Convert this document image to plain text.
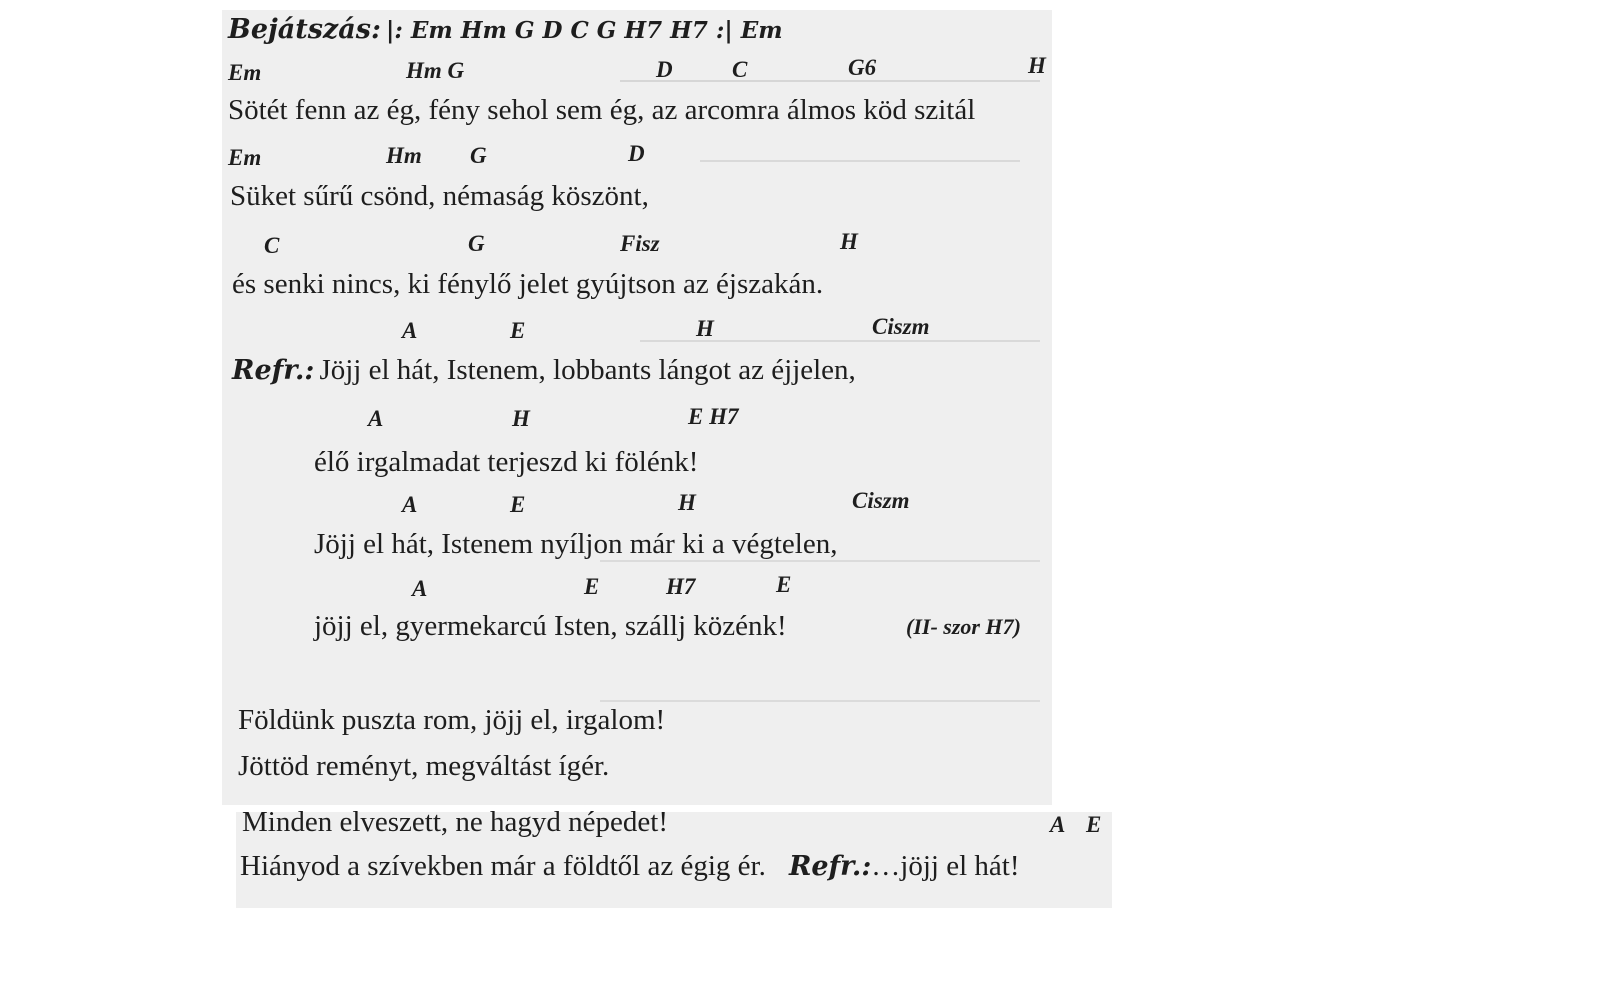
Bejátszás: |: Em Hm G D C G H7 H7 :| Em
Em	Hm G	D	C	G6	H
Sötét fenn az ég, fény sehol sem ég, az arcomra álmos köd szitál
Em	Hm G	D
Süket sűrű csönd, némaság köszönt,
C	G	Fisz	H
és senki nincs, ki fénylő jelet gyújtson az éjszakán.
A	E	H	Ciszm
Refr.: Jöjj el hát, Istenem, lobbants lángot az éjjelen,
A	H	E H7
élő irgalmadat terjeszd ki fölénk!
A	E	H	Ciszm
Jöjj el hát, Istenem nyíljon már ki a végtelen,
A	E	H7	E
jöjj el, gyermekarcú Isten, szállj közénk!	(II- szor H7)
Földünk puszta rom, jöjj el, irgalom!
Jöttöd reményt, megváltást ígér.
Minden elveszett, ne hagyd népedet!	A E
Hiányod a szívekben már a földtől az égig ér. Refr.:…jöjj el hát!
